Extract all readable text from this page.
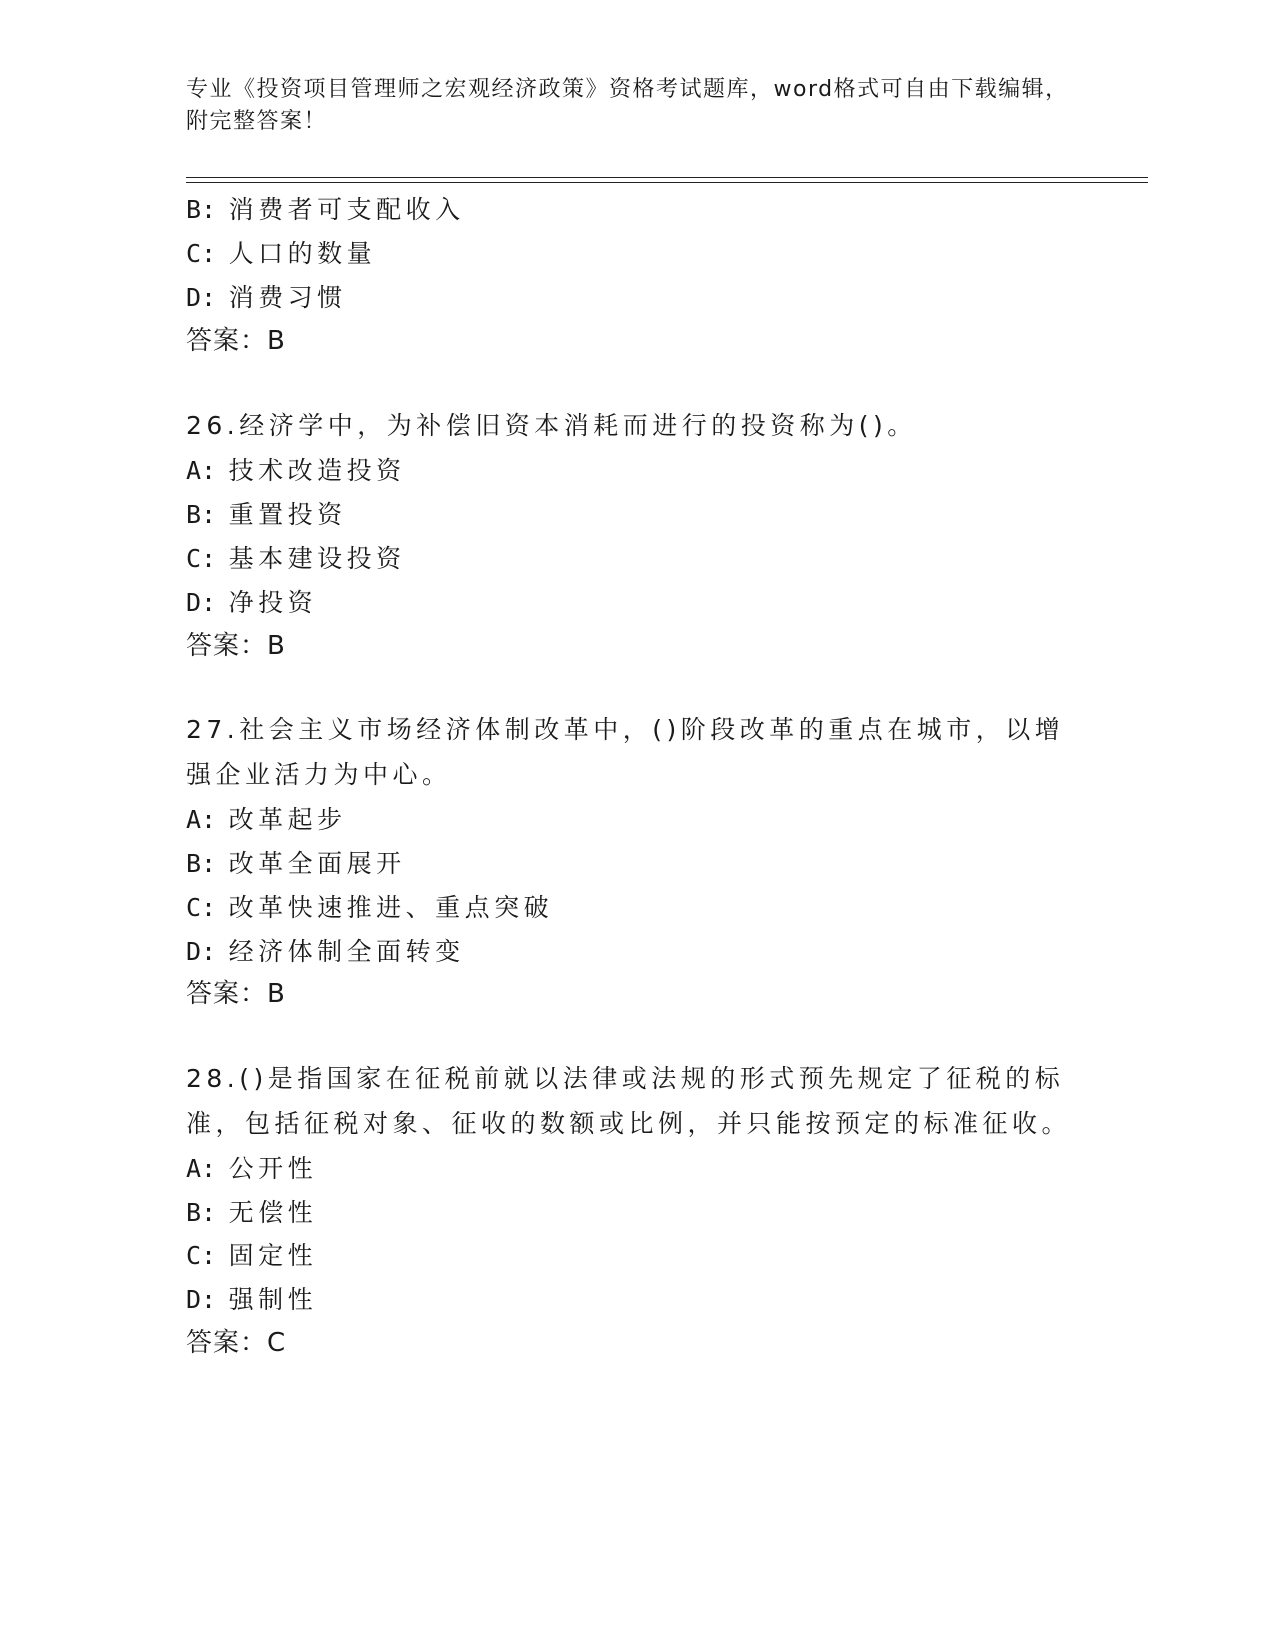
专业《投资项目管理师之宏观经济政策》资格考试题库，word格式可自由下载编辑，附完整答案！
B: 消费者可支配收入
C: 人口的数量
D: 消费习惯
答案：B
26.经济学中，为补偿旧资本消耗而进行的投资称为()。
A: 技术改造投资
B: 重置投资
C: 基本建设投资
D: 净投资
答案：B
27.社会主义市场经济体制改革中，()阶段改革的重点在城市，以增强企业活力为中心。
A: 改革起步
B: 改革全面展开
C: 改革快速推进、重点突破
D: 经济体制全面转变
答案：B
28.()是指国家在征税前就以法律或法规的形式预先规定了征税的标准，包括征税对象、征收的数额或比例，并只能按预定的标准征收。
A: 公开性
B: 无偿性
C: 固定性
D: 强制性
答案：C
